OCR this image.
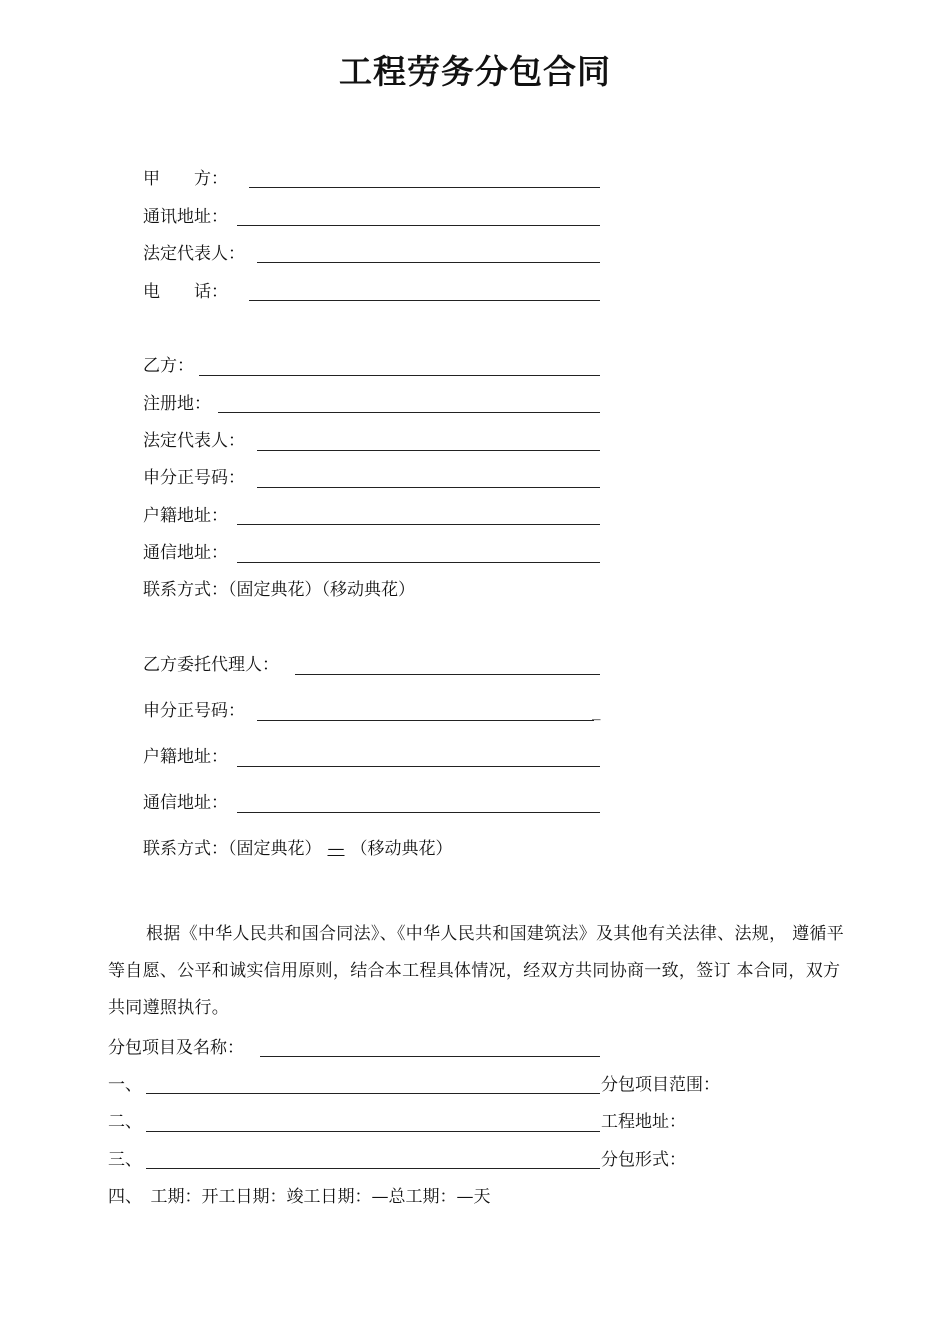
工程劳务分包合同
甲　　方：
通讯地址：
法定代表人：
电　　话：
乙方：
注册地：
法定代表人：
申分正号码：
户籍地址：
通信地址：
联系方式：（固定典花）（移动典花）
乙方委托代理人：
申分正号码：	_
户籍地址：
通信地址：
联系方式：（固定典花） — （移动典花）
根据《中华人民共和国合同法》、《中华人民共和国建筑法》及其他有关法律、法规， 遵循平等自愿、公平和诚实信用原则，结合本工程具体情况，经双方共同协商一致，签订 本合同，双方共同遵照执行。
分包项目及名称：
一、	分包项目范围：
二、	工程地址：
三、	分包形式：
四、　工期：开工日期：竣工日期：—总工期：—天
